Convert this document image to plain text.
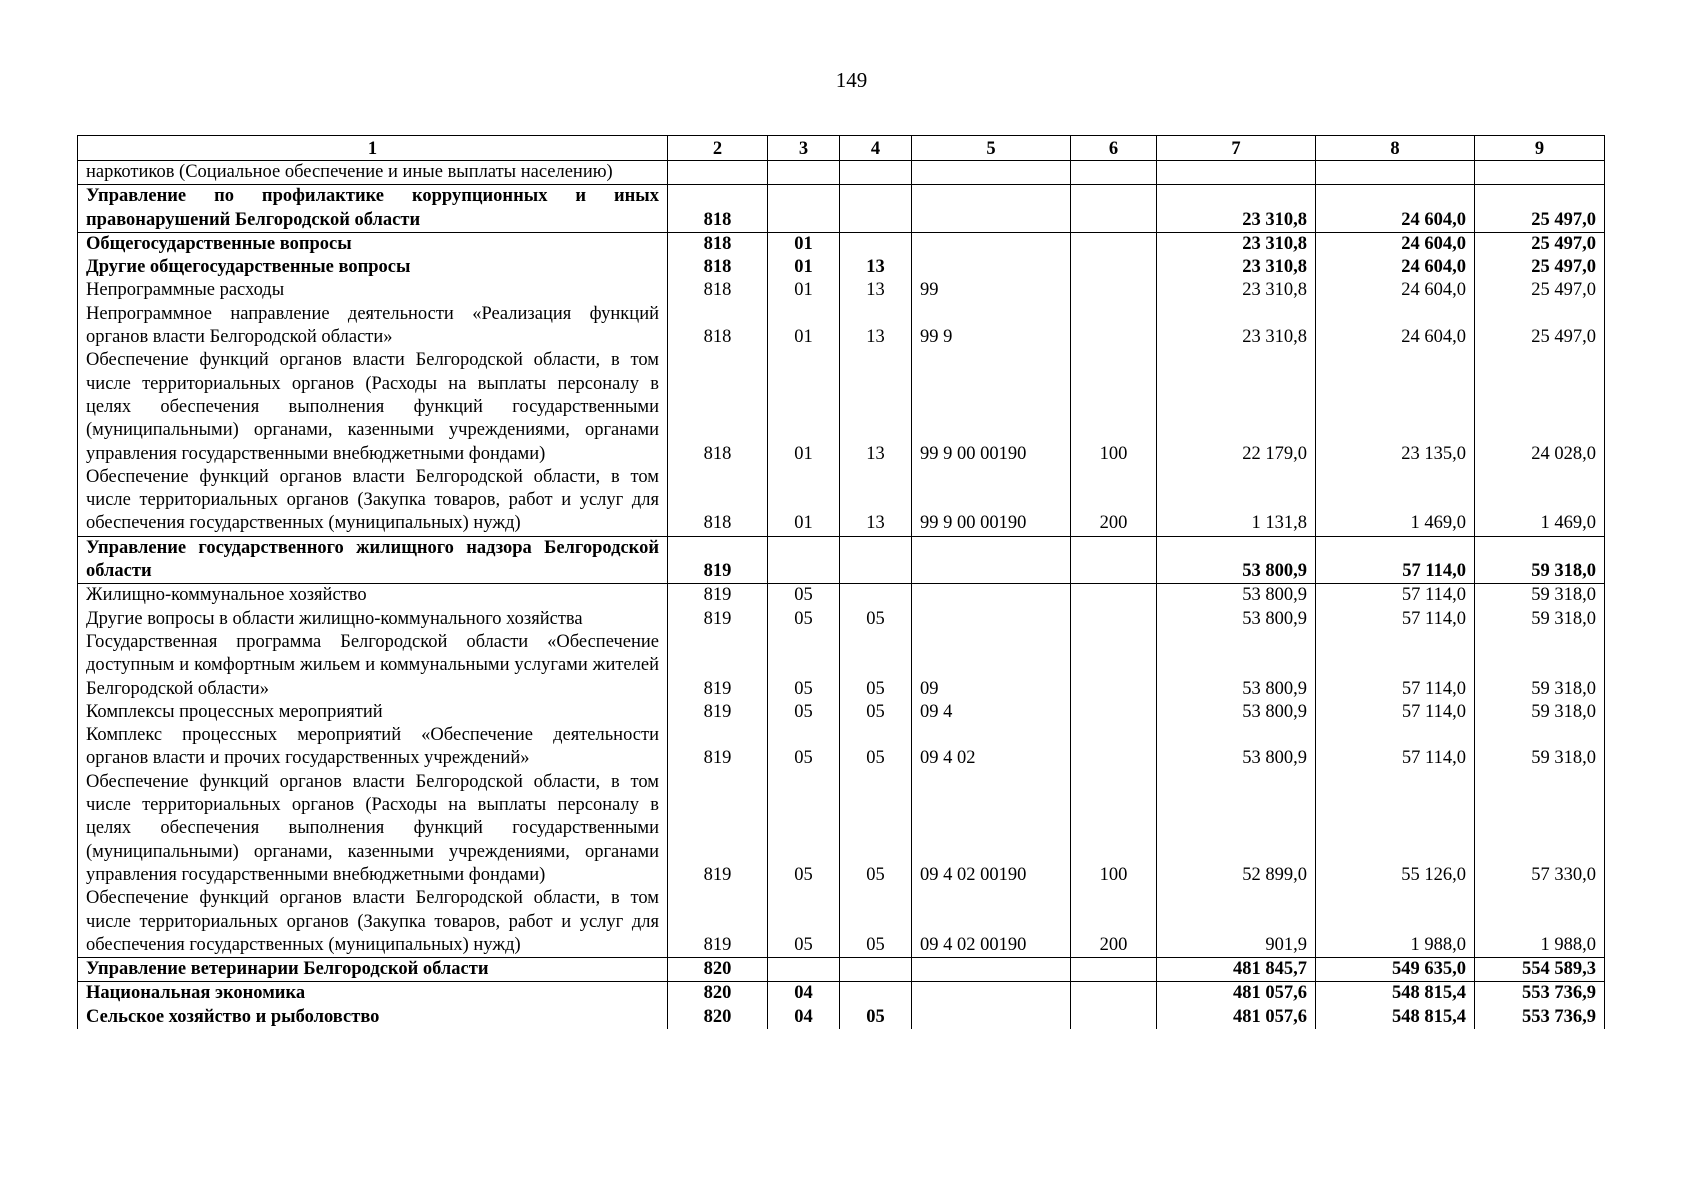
149
1	2	3	4	5	6	7	8	9
наркотиков (Социальное обеспечение и иные выплаты населению)								
Управление по профилактике коррупционных и иных правонарушений Белгородской области	818					23 310,8	24 604,0	25 497,0
Общегосударственные вопросы	818	01				23 310,8	24 604,0	25 497,0
Другие общегосударственные вопросы	818	01	13			23 310,8	24 604,0	25 497,0
Непрограммные расходы	818	01	13	99		23 310,8	24 604,0	25 497,0
Непрограммное направление деятельности «Реализация функций органов власти Белгородской области»	818	01	13	99 9		23 310,8	24 604,0	25 497,0
Обеспечение функций органов власти Белгородской области, в том числе территориальных органов (Расходы на выплаты персоналу в целях обеспечения выполнения функций государственными (муниципальными) органами, казенными учреждениями, органами управления государственными внебюджетными фондами)	818	01	13	99 9 00 00190	100	22 179,0	23 135,0	24 028,0
Обеспечение функций органов власти Белгородской области, в том числе территориальных органов (Закупка товаров, работ и услуг для обеспечения государственных (муниципальных) нужд)	818	01	13	99 9 00 00190	200	1 131,8	1 469,0	1 469,0
Управление государственного жилищного надзора Белгородской области	819					53 800,9	57 114,0	59 318,0
Жилищно-коммунальное хозяйство	819	05				53 800,9	57 114,0	59 318,0
Другие вопросы в области жилищно-коммунального хозяйства	819	05	05			53 800,9	57 114,0	59 318,0
Государственная программа Белгородской области «Обеспечение доступным и комфортным жильем и коммунальными услугами жителей Белгородской области»	819	05	05	09		53 800,9	57 114,0	59 318,0
Комплексы процессных мероприятий	819	05	05	09 4		53 800,9	57 114,0	59 318,0
Комплекс процессных мероприятий «Обеспечение деятельности органов власти и прочих государственных учреждений»	819	05	05	09 4 02		53 800,9	57 114,0	59 318,0
Обеспечение функций органов власти Белгородской области, в том числе территориальных органов (Расходы на выплаты персоналу в целях обеспечения выполнения функций государственными (муниципальными) органами, казенными учреждениями, органами управления государственными внебюджетными фондами)	819	05	05	09 4 02 00190	100	52 899,0	55 126,0	57 330,0
Обеспечение функций органов власти Белгородской области, в том числе территориальных органов (Закупка товаров, работ и услуг для обеспечения государственных (муниципальных) нужд)	819	05	05	09 4 02 00190	200	901,9	1 988,0	1 988,0
Управление ветеринарии Белгородской области	820					481 845,7	549 635,0	554 589,3
Национальная экономика	820	04				481 057,6	548 815,4	553 736,9
Сельское хозяйство и рыболовство	820	04	05			481 057,6	548 815,4	553 736,9
